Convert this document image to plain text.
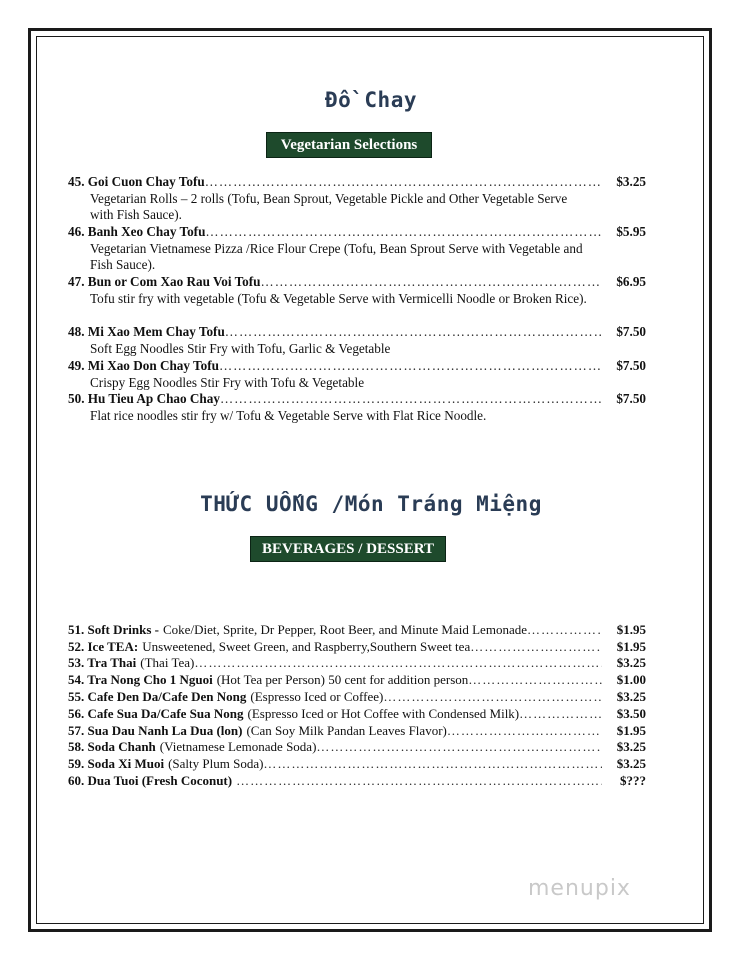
Đồ Chay
Vegetarian Selections
45. Goi Cuon Chay Tofu …………………………………………………………………………………………………………………………………………………………………	$3.25
Vegetarian Rolls – 2 rolls (Tofu, Bean Sprout, Vegetable Pickle and Other Vegetable Serve with Fish Sauce).
46. Banh Xeo Chay Tofu …………………………………………………………………………………………………………………………………………………………………	$5.95
Vegetarian Vietnamese Pizza /Rice Flour Crepe (Tofu, Bean Sprout Serve with Vegetable and Fish Sauce).
47. Bun or Com Xao Rau Voi Tofu …………………………………………………………………………………………………………………………………………………………………	$6.95
Tofu stir fry with vegetable (Tofu & Vegetable Serve with Vermicelli Noodle or Broken Rice).
48. Mi Xao Mem Chay Tofu …………………………………………………………………………………………………………………………………………………………………	$7.50
Soft Egg Noodles Stir Fry with Tofu, Garlic & Vegetable
49. Mi Xao Don Chay Tofu …………………………………………………………………………………………………………………………………………………………………	$7.50
Crispy Egg Noodles Stir Fry with Tofu & Vegetable
50. Hu Tieu Ap Chao Chay …………………………………………………………………………………………………………………………………………………………………	$7.50
Flat rice noodles stir fry w/ Tofu & Vegetable Serve with Flat Rice Noodle.
THỨC UỐNG /Món Tráng Miệng
BEVERAGES / DESSERT
51. Soft Drinks - Coke/Diet, Sprite, Dr Pepper, Root Beer, and Minute Maid Lemonade …………………………………………………………………………………………………………………………………………………………………	$1.95
52. Ice TEA: Unsweetened, Sweet Green, and Raspberry,Southern Sweet tea …………………………………………………………………………………………………………………………………………………………………	$1.95
53. Tra Thai (Thai Tea) …………………………………………………………………………………………………………………………………………………………………	$3.25
54. Tra Nong Cho 1 Nguoi (Hot Tea per Person) 50 cent for addition person …………………………………………………………………………………………………………………………………………………………………	$1.00
55. Cafe Den Da/Cafe Den Nong (Espresso Iced or Coffee) …………………………………………………………………………………………………………………………………………………………………	$3.25
56. Cafe Sua Da/Cafe Sua Nong (Espresso Iced or Hot Coffee with Condensed Milk) …………………………………………………………………………………………………………………………………………………………………	$3.50
57. Sua Dau Nanh La Dua (lon) (Can Soy Milk Pandan Leaves Flavor) …………………………………………………………………………………………………………………………………………………………………	$1.95
58. Soda Chanh (Vietnamese Lemonade Soda) …………………………………………………………………………………………………………………………………………………………………	$3.25
59. Soda Xi Muoi (Salty Plum Soda) …………………………………………………………………………………………………………………………………………………………………	$3.25
60. Dua Tuoi (Fresh Coconut) …………………………………………………………………………………………………………………………………………………………………	$???
menupix
